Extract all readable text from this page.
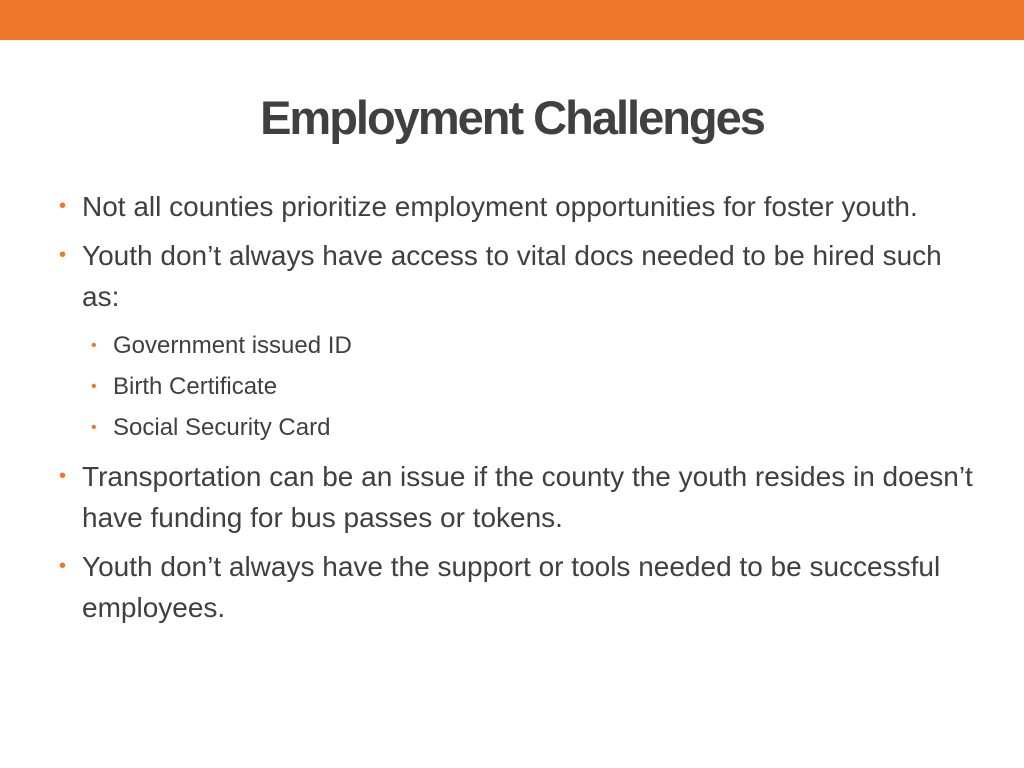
Employment Challenges
• Not all counties prioritize employment opportunities for foster youth.
• Youth don’t always have access to vital docs needed to be hired such as:
• Government issued ID
• Birth Certificate
• Social Security Card
• Transportation can be an issue if the county the youth resides in doesn’t have funding for bus passes or tokens.
• Youth don’t always have the support or tools needed to be successful employees.
